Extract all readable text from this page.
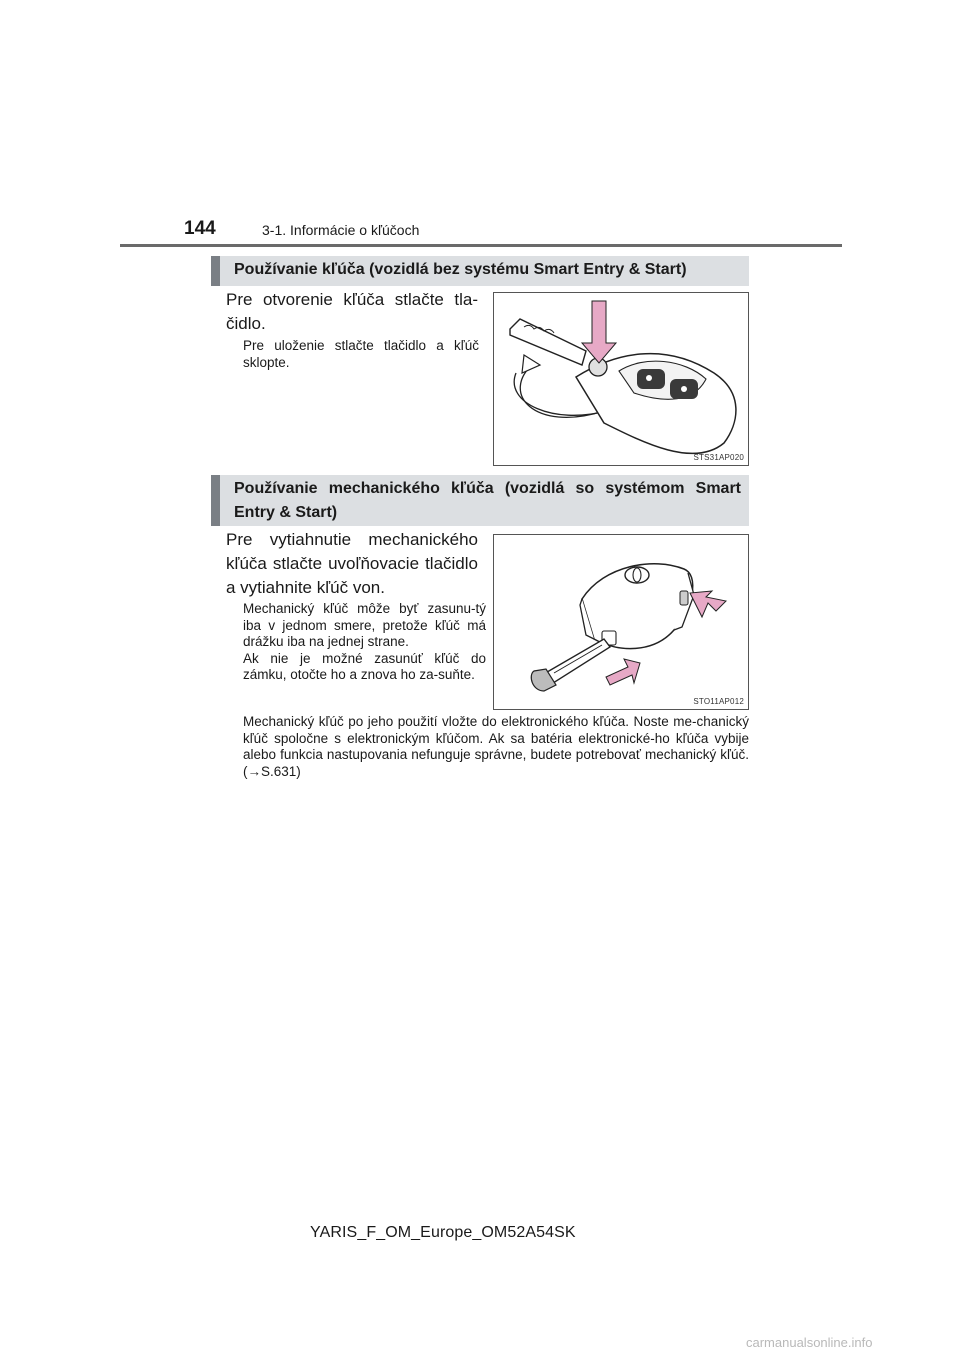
144	3-1. Informácie o kľúčoch
Používanie kľúča (vozidlá bez systému Smart Entry & Start)
Pre otvorenie kľúča stlačte tla-čidlo.

Pre uloženie stlačte tlačidlo a kľúč sklopte.

STS31AP020
Používanie mechanického kľúča (vozidlá so systémom Smart Entry & Start)
Pre vytiahnutie mechanického kľúča stlačte uvoľňovacie tlačidlo a vytiahnite kľúč von.

Mechanický kľúč môže byť zasunu-tý iba v jednom smere, pretože kľúč má drážku iba na jednej strane.

Ak nie je možné zasunúť kľúč do zámku, otočte ho a znova ho za-suňte.

STO11AP012

Mechanický kľúč po jeho použití vložte do elektronického kľúča. Noste me-chanický kľúč spoločne s elektronickým kľúčom. Ak sa batéria elektronické-ho kľúča vybije alebo funkcia nastupovania nefunguje správne, budete potrebovať mechanický kľúč. (→S.631)

YARIS_F_OM_Europe_OM52A54SK
carmanualsonline.info
